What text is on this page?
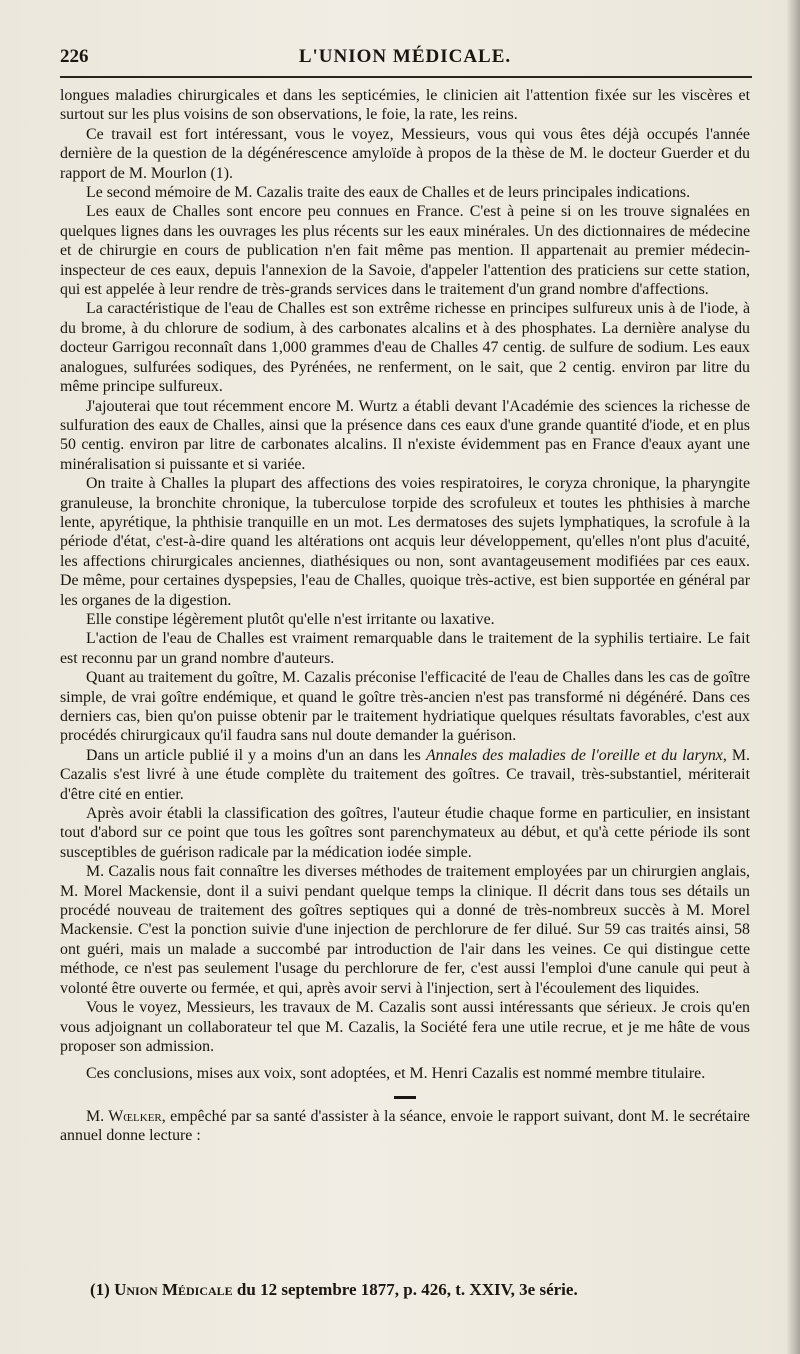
226	L'UNION MÉDICALE.

longues maladies chirurgicales et dans les septicémies, le clinicien ait l'attention fixée sur les viscères et surtout sur les plus voisins de son observations, le foie, la rate, les reins.

Ce travail est fort intéressant, vous le voyez, Messieurs, vous qui vous êtes déjà occupés l'année dernière de la question de la dégénérescence amyloïde à propos de la thèse de M. le docteur Guerder et du rapport de M. Mourlon (1).

Le second mémoire de M. Cazalis traite des eaux de Challes et de leurs principales indications.

Les eaux de Challes sont encore peu connues en France. C'est à peine si on les trouve signalées en quelques lignes dans les ouvrages les plus récents sur les eaux minérales. Un des dictionnaires de médecine et de chirurgie en cours de publication n'en fait même pas mention. Il appartenait au premier médecin-inspecteur de ces eaux, depuis l'annexion de la Savoie, d'appeler l'attention des praticiens sur cette station, qui est appelée à leur rendre de très-grands services dans le traitement d'un grand nombre d'affections.

La caractéristique de l'eau de Challes est son extrême richesse en principes sulfureux unis à de l'iode, à du brome, à du chlorure de sodium, à des carbonates alcalins et à des phosphates. La dernière analyse du docteur Garrigou reconnaît dans 1,000 grammes d'eau de Challes 47 centig. de sulfure de sodium. Les eaux analogues, sulfurées sodiques, des Pyrénées, ne renferment, on le sait, que 2 centig. environ par litre du même principe sulfureux.

J'ajouterai que tout récemment encore M. Wurtz a établi devant l'Académie des sciences la richesse de sulfuration des eaux de Challes, ainsi que la présence dans ces eaux d'une grande quantité d'iode, et en plus 50 centig. environ par litre de carbonates alcalins. Il n'existe évidemment pas en France d'eaux ayant une minéralisation si puissante et si variée.

On traite à Challes la plupart des affections des voies respiratoires, le coryza chronique, la pharyngite granuleuse, la bronchite chronique, la tuberculose torpide des scrofuleux et toutes les phthisies à marche lente, apyrétique, la phthisie tranquille en un mot. Les dermatoses des sujets lymphatiques, la scrofule à la période d'état, c'est-à-dire quand les altérations ont acquis leur développement, qu'elles n'ont plus d'acuité, les affections chirurgicales anciennes, diathésiques ou non, sont avantageusement modifiées par ces eaux. De même, pour certaines dyspepsies, l'eau de Challes, quoique très-active, est bien supportée en général par les organes de la digestion.

Elle constipe légèrement plutôt qu'elle n'est irritante ou laxative.

L'action de l'eau de Challes est vraiment remarquable dans le traitement de la syphilis tertiaire. Le fait est reconnu par un grand nombre d'auteurs.

Quant au traitement du goître, M. Cazalis préconise l'efficacité de l'eau de Challes dans les cas de goître simple, de vrai goître endémique, et quand le goître très-ancien n'est pas transformé ni dégénéré. Dans ces derniers cas, bien qu'on puisse obtenir par le traitement hydriatique quelques résultats favorables, c'est aux procédés chirurgicaux qu'il faudra sans nul doute demander la guérison.

Dans un article publié il y a moins d'un an dans les Annales des maladies de l'oreille et du larynx, M. Cazalis s'est livré à une étude complète du traitement des goîtres. Ce travail, très-substantiel, mériterait d'être cité en entier.

Après avoir établi la classification des goîtres, l'auteur étudie chaque forme en particulier, en insistant tout d'abord sur ce point que tous les goîtres sont parenchymateux au début, et qu'à cette période ils sont susceptibles de guérison radicale par la médication iodée simple.

M. Cazalis nous fait connaître les diverses méthodes de traitement employées par un chirurgien anglais, M. Morel Mackensie, dont il a suivi pendant quelque temps la clinique. Il décrit dans tous ses détails un procédé nouveau de traitement des goîtres septiques qui a donné de très-nombreux succès à M. Morel Mackensie. C'est la ponction suivie d'une injection de perchlorure de fer dilué. Sur 59 cas traités ainsi, 58 ont guéri, mais un malade a succombé par introduction de l'air dans les veines. Ce qui distingue cette méthode, ce n'est pas seulement l'usage du perchlorure de fer, c'est aussi l'emploi d'une canule qui peut à volonté être ouverte ou fermée, et qui, après avoir servi à l'injection, sert à l'écoulement des liquides.

Vous le voyez, Messieurs, les travaux de M. Cazalis sont aussi intéressants que sérieux. Je crois qu'en vous adjoignant un collaborateur tel que M. Cazalis, la Société fera une utile recrue, et je me hâte de vous proposer son admission.

Ces conclusions, mises aux voix, sont adoptées, et M. Henri Cazalis est nommé membre titulaire.

M. Wœlker, empêché par sa santé d'assister à la séance, envoie le rapport suivant, dont M. le secrétaire annuel donne lecture :

(1) Union Médicale du 12 septembre 1877, p. 426, t. XXIV, 3e série.
